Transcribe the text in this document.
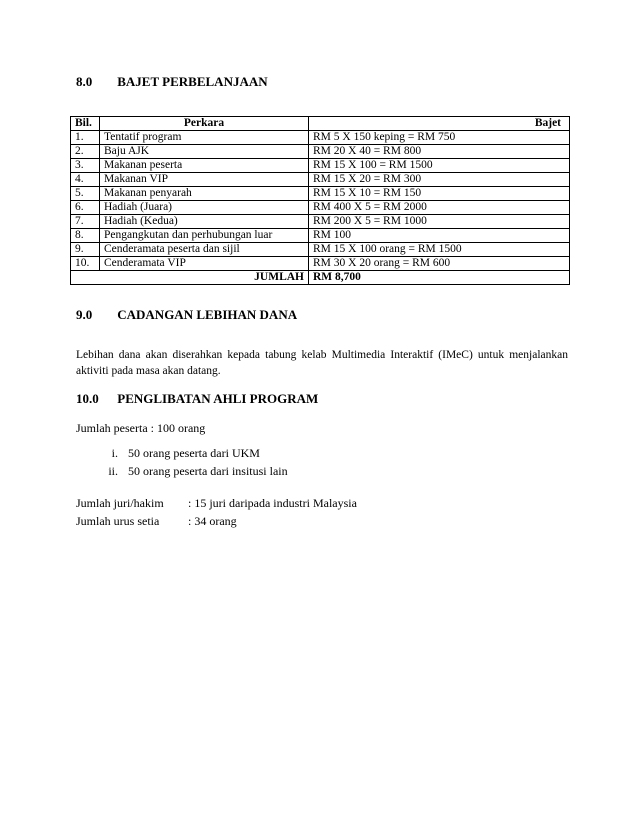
8.0 BAJET PERBELANJAAN
Bil.	Perkara	Bajet
1.	Tentatif program	RM 5 X 150 keping = RM 750
2.	Baju AJK	RM 20 X 40 = RM 800
3.	Makanan peserta	RM 15 X 100 = RM 1500
4.	Makanan VIP	RM 15 X 20 = RM 300
5.	Makanan penyarah	RM 15 X 10 = RM 150
6.	Hadiah (Juara)	RM 400 X 5 = RM 2000
7.	Hadiah (Kedua)	RM 200 X 5 = RM 1000
8.	Pengangkutan dan perhubungan luar	RM 100
9.	Cenderamata peserta dan sijil	RM 15 X 100 orang = RM 1500
10.	Cenderamata VIP	RM 30 X 20 orang = RM 600
JUMLAH		RM 8,700
9.0 CADANGAN LEBIHAN DANA
Lebihan dana akan diserahkan kepada tabung kelab Multimedia Interaktif (IMeC) untuk menjalankan aktiviti pada masa akan datang.
10.0 PENGLIBATAN AHLI PROGRAM
Jumlah peserta : 100 orang
i. 50 orang peserta dari UKM
ii. 50 orang peserta dari insitusi lain
Jumlah juri/hakim : 15 juri daripada industri Malaysia
Jumlah urus setia : 34 orang
